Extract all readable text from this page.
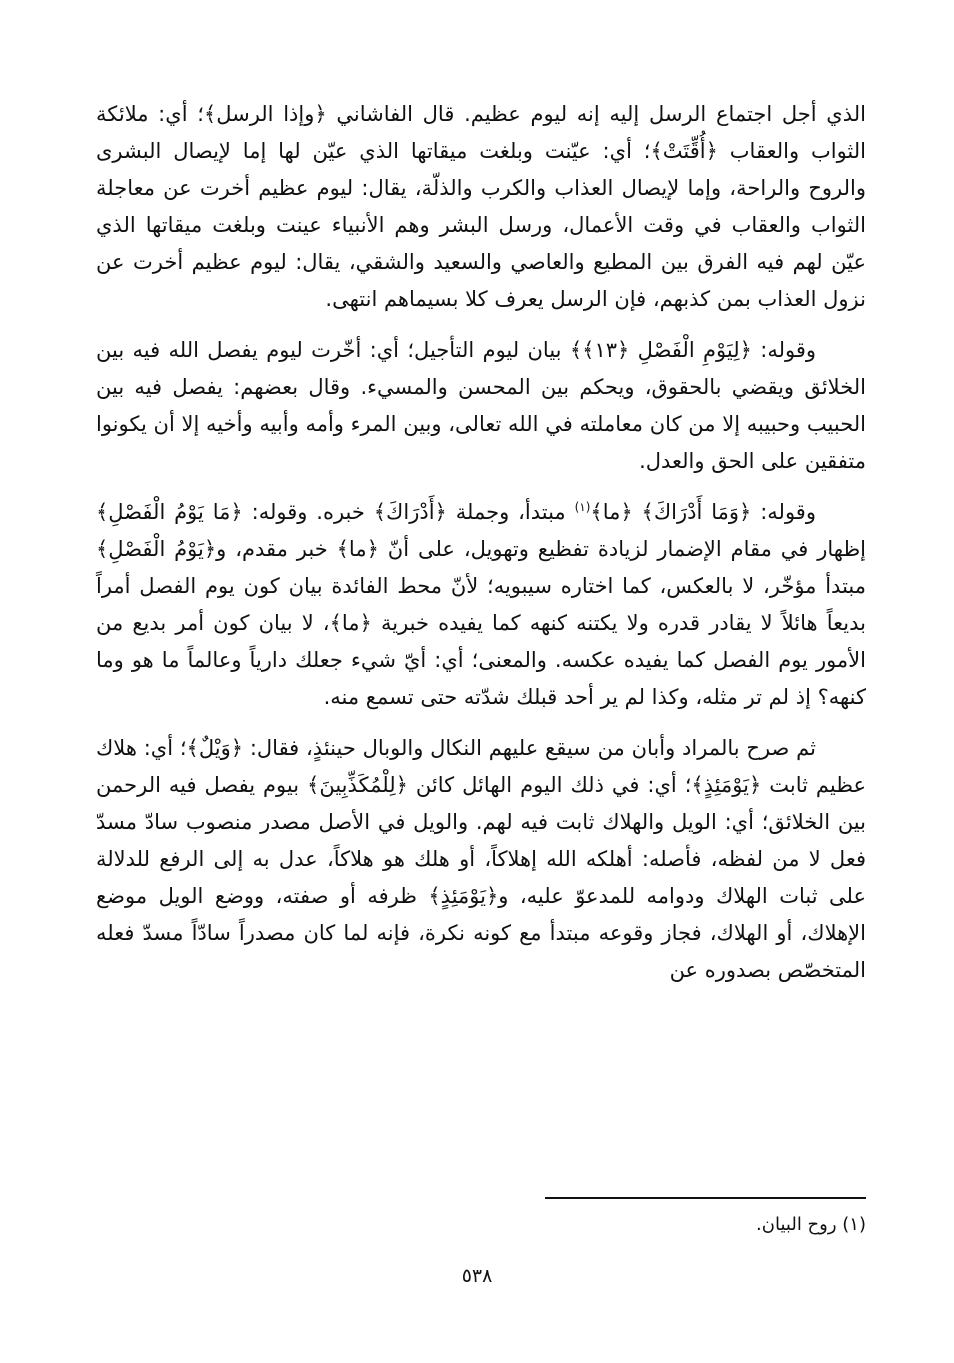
الذي أجل اجتماع الرسل إليه إنه ليوم عظيم. قال الفاشاني ﴿وإذا الرسل﴾؛ أي: ملائكة الثواب والعقاب ﴿أُقِّتَتْ﴾؛ أي: عيّنت وبلغت ميقاتها الذي عيّن لها إما لإيصال البشرى والروح والراحة، وإما لإيصال العذاب والكرب والذلّة، يقال: ليوم عظيم أخرت عن معاجلة الثواب والعقاب في وقت الأعمال، ورسل البشر وهم الأنبياء عينت وبلغت ميقاتها الذي عيّن لهم فيه الفرق بين المطيع والعاصي والسعيد والشقي، يقال: ليوم عظيم أخرت عن نزول العذاب بمن كذبهم، فإن الرسل يعرف كلا بسيماهم انتهى.

وقوله: ﴿لِيَوْمِ الْفَصْلِ ﴿١٣﴾﴾ بيان ليوم التأجيل؛ أي: أخّرت ليوم يفصل الله فيه بين الخلائق ويقضي بالحقوق، ويحكم بين المحسن والمسيء. وقال بعضهم: يفصل فيه بين الحبيب وحبيبه إلا من كان معاملته في الله تعالى، وبين المرء وأمه وأبيه وأخيه إلا أن يكونوا متفقين على الحق والعدل.

وقوله: ﴿وَمَا أَدْرَاكَ﴾ ﴿ما﴾$^{(١)}$ مبتدأ، وجملة ﴿أَدْرَاكَ﴾ خبره. وقوله: ﴿مَا يَوْمُ الْفَصْلِ﴾ إظهار في مقام الإضمار لزيادة تفظيع وتهويل، على أنّ ﴿ما﴾ خبر مقدم، و﴿يَوْمُ الْفَصْلِ﴾ مبتدأ مؤخّر، لا بالعكس، كما اختاره سيبويه؛ لأنّ محط الفائدة بيان كون يوم الفصل أمراً بديعاً هائلاً لا يقادر قدره ولا يكتنه كنهه كما يفيده خبرية ﴿ما﴾، لا بيان كون أمر بديع من الأمور يوم الفصل كما يفيده عكسه. والمعنى؛ أي: أيّ شيء جعلك دارياً وعالماً ما هو وما كنهه؟ إذ لم تر مثله، وكذا لم ير أحد قبلك شدّته حتى تسمع منه.

ثم صرح بالمراد وأبان من سيقع عليهم النكال والوبال حينئذٍ، فقال: ﴿وَيْلٌ﴾؛ أي: هلاك عظيم ثابت ﴿يَوْمَئِذٍ﴾؛ أي: في ذلك اليوم الهائل كائن ﴿لِلْمُكَذِّبِينَ﴾ بيوم يفصل فيه الرحمن بين الخلائق؛ أي: الويل والهلاك ثابت فيه لهم. والويل في الأصل مصدر منصوب سادّ مسدّ فعل لا من لفظه، فأصله: أهلكه الله إهلاكاً، أو هلك هو هلاكاً، عدل به إلى الرفع للدلالة على ثبات الهلاك ودوامه للمدعوّ عليه، و﴿يَوْمَئِذٍ﴾ ظرفه أو صفته، ووضع الويل موضع الإهلاك، أو الهلاك، فجاز وقوعه مبتدأ مع كونه نكرة، فإنه لما كان مصدراً سادّاً مسدّ فعله المتخصّص بصدوره عن

(١) روح البيان.
٥٣٨
